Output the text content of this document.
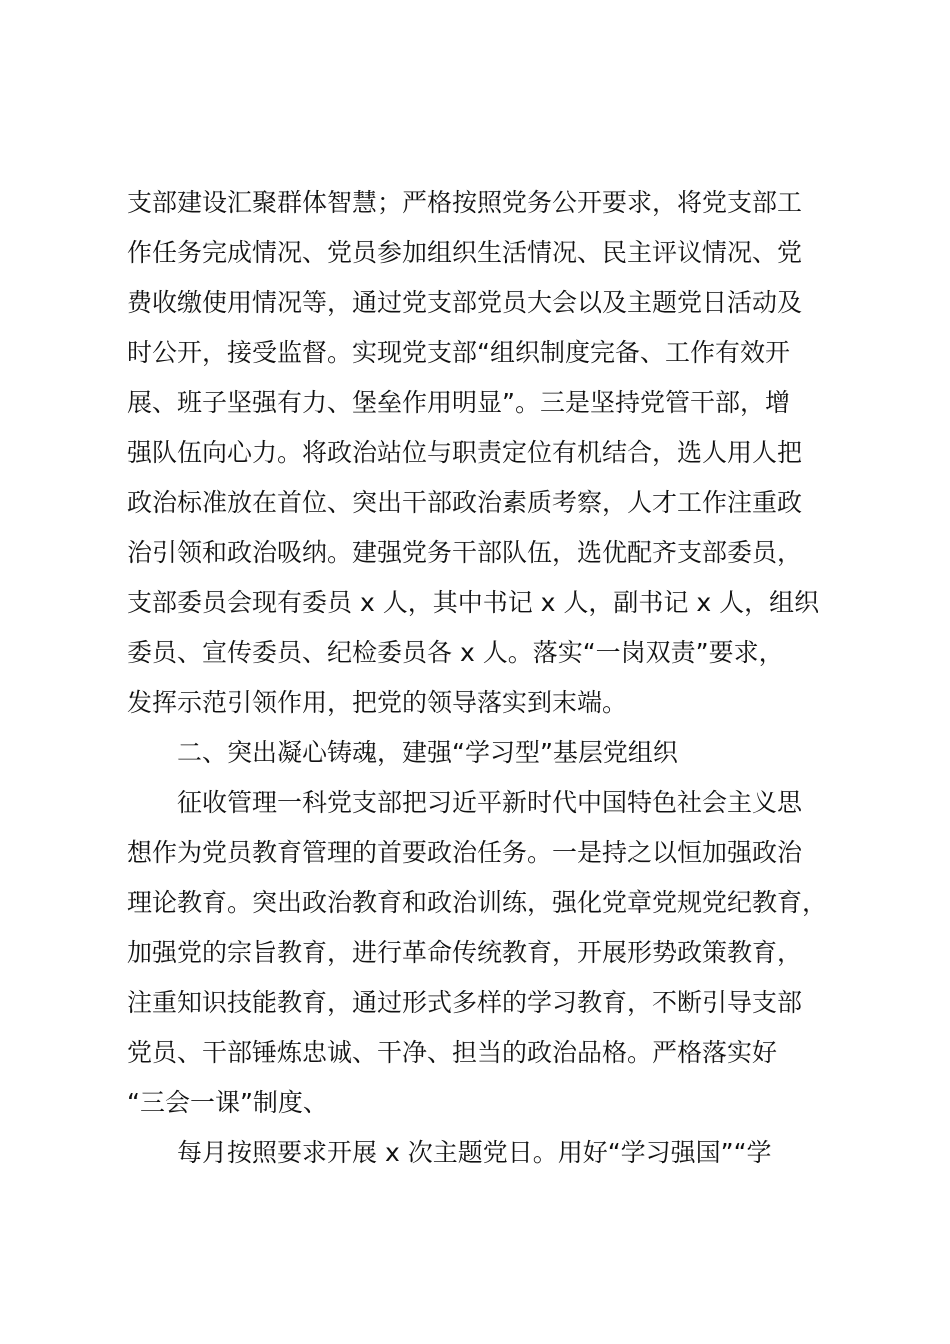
支部建设汇聚群体智慧；严格按照党务公开要求，将党支部工
作任务完成情况、党员参加组织生活情况、民主评议情况、党
费收缴使用情况等，通过党支部党员大会以及主题党日活动及
时公开，接受监督。实现党支部“组织制度完备、工作有效开
展、班子坚强有力、堡垒作用明显”。三是坚持党管干部，增
强队伍向心力。将政治站位与职责定位有机结合，选人用人把
政治标准放在首位、突出干部政治素质考察，人才工作注重政
治引领和政治吸纳。建强党务干部队伍，选优配齐支部委员，
支部委员会现有委员 x 人，其中书记 x 人，副书记 x 人，组织
委员、宣传委员、纪检委员各 x 人。落实“一岗双责”要求，
发挥示范引领作用，把党的领导落实到末端。
二、突出凝心铸魂，建强“学习型”基层党组织
征收管理一科党支部把习近平新时代中国特色社会主义思
想作为党员教育管理的首要政治任务。一是持之以恒加强政治
理论教育。突出政治教育和政治训练，强化党章党规党纪教育，
加强党的宗旨教育，进行革命传统教育，开展形势政策教育，
注重知识技能教育，通过形式多样的学习教育，不断引导支部
党员、干部锤炼忠诚、干净、担当的政治品格。严格落实好
“三会一课”制度、
每月按照要求开展 x 次主题党日。用好“学习强国”“学
